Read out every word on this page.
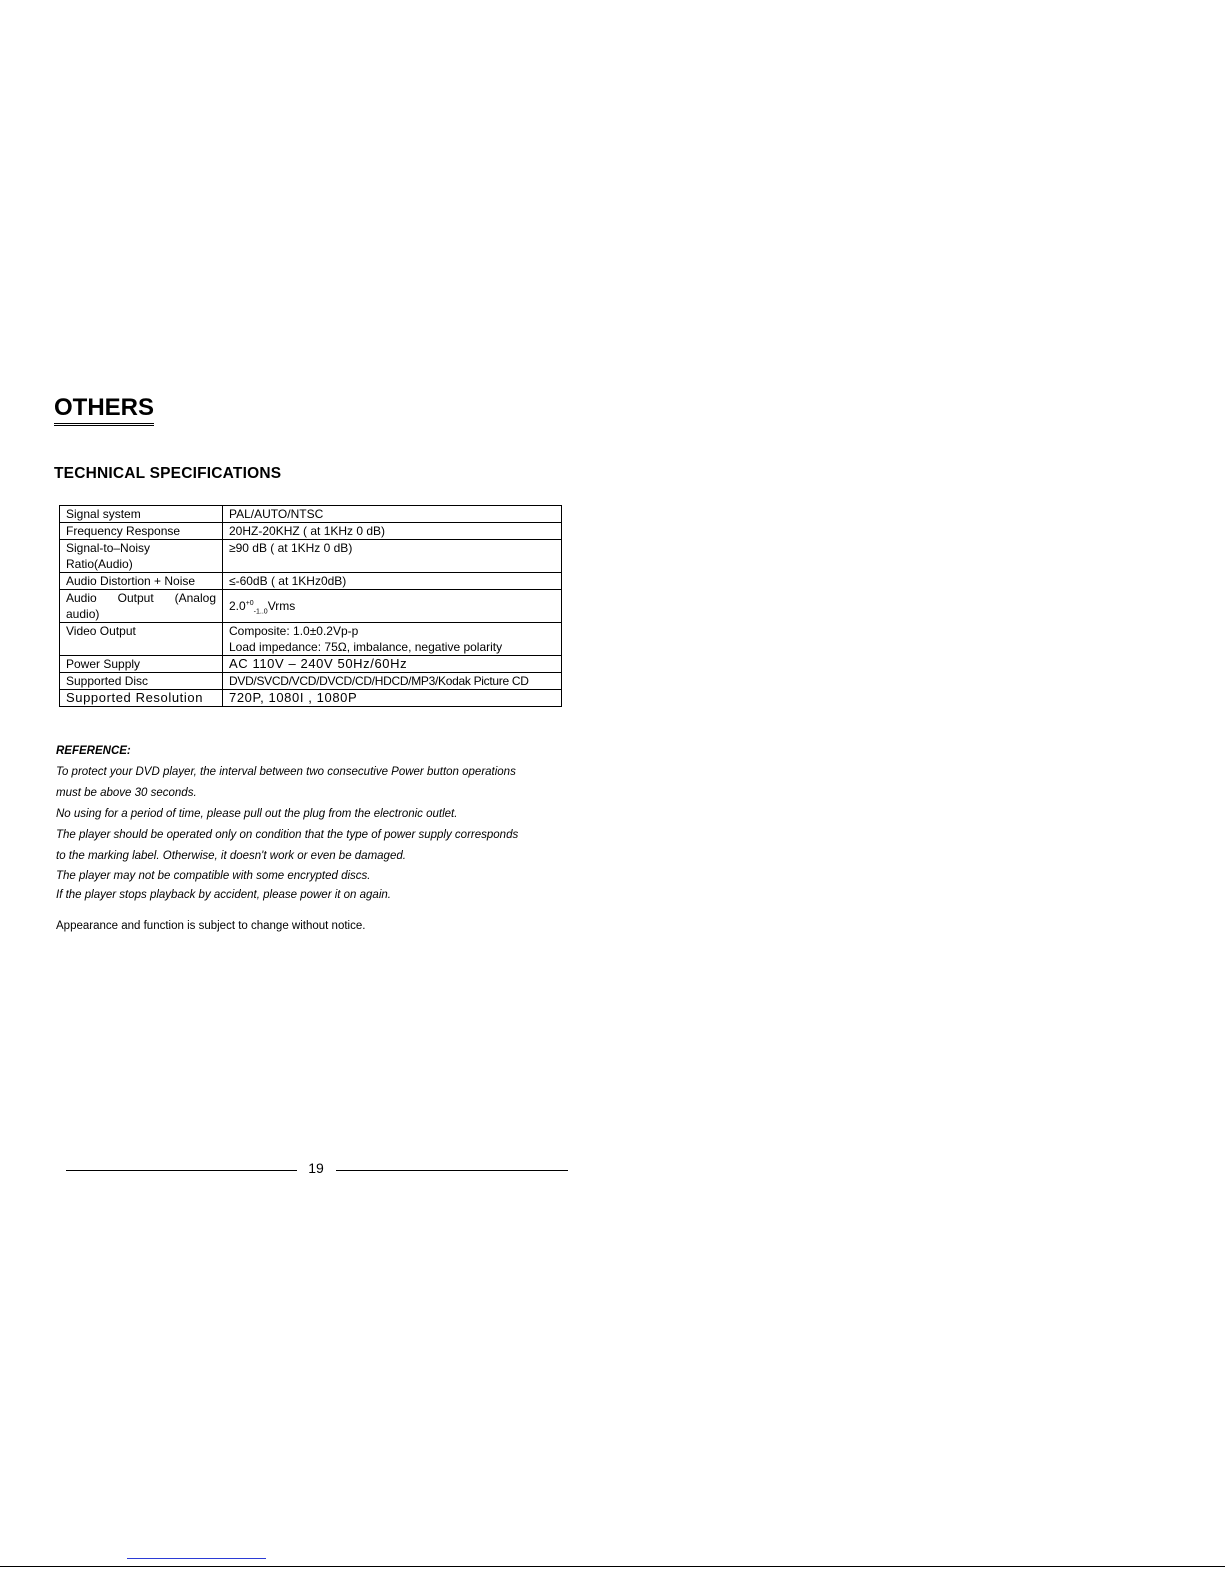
OTHERS
TECHNICAL SPECIFICATIONS
Signal system	PAL/AUTO/NTSC
Frequency Response	20HZ-20KHZ ( at 1KHz 0 dB)
Signal-to–Noisy Ratio(Audio)	≥90 dB ( at 1KHz 0 dB)
Audio Distortion + Noise	≤-60dB ( at 1KHz0dB)
Audio Output (Analog audio)	$2.0^{+0}_{-1..0}Vrms$
Video Output	Composite: 1.0±0.2Vp-p
Load impedance: 75Ω, imbalance, negative polarity

Power Supply	AC 110V – 240V 50Hz/60Hz
Supported Disc	DVD/SVCD/VCD/DVCD/CD/HDCD/MP3/Kodak Picture CD
Supported Resolution	720P, 1080I , 1080P

REFERENCE:

To protect your DVD player, the interval between two consecutive Power button operations

must be above 30 seconds.

No using for a period of time, please pull out the plug from the electronic outlet.

The player should be operated only on condition that the type of power supply corresponds

to the marking label. Otherwise, it doesn't work or even be damaged.

The player may not be compatible with some encrypted discs.

If the player stops playback by accident, please power it on again.

Appearance and function is subject to change without notice.

19
